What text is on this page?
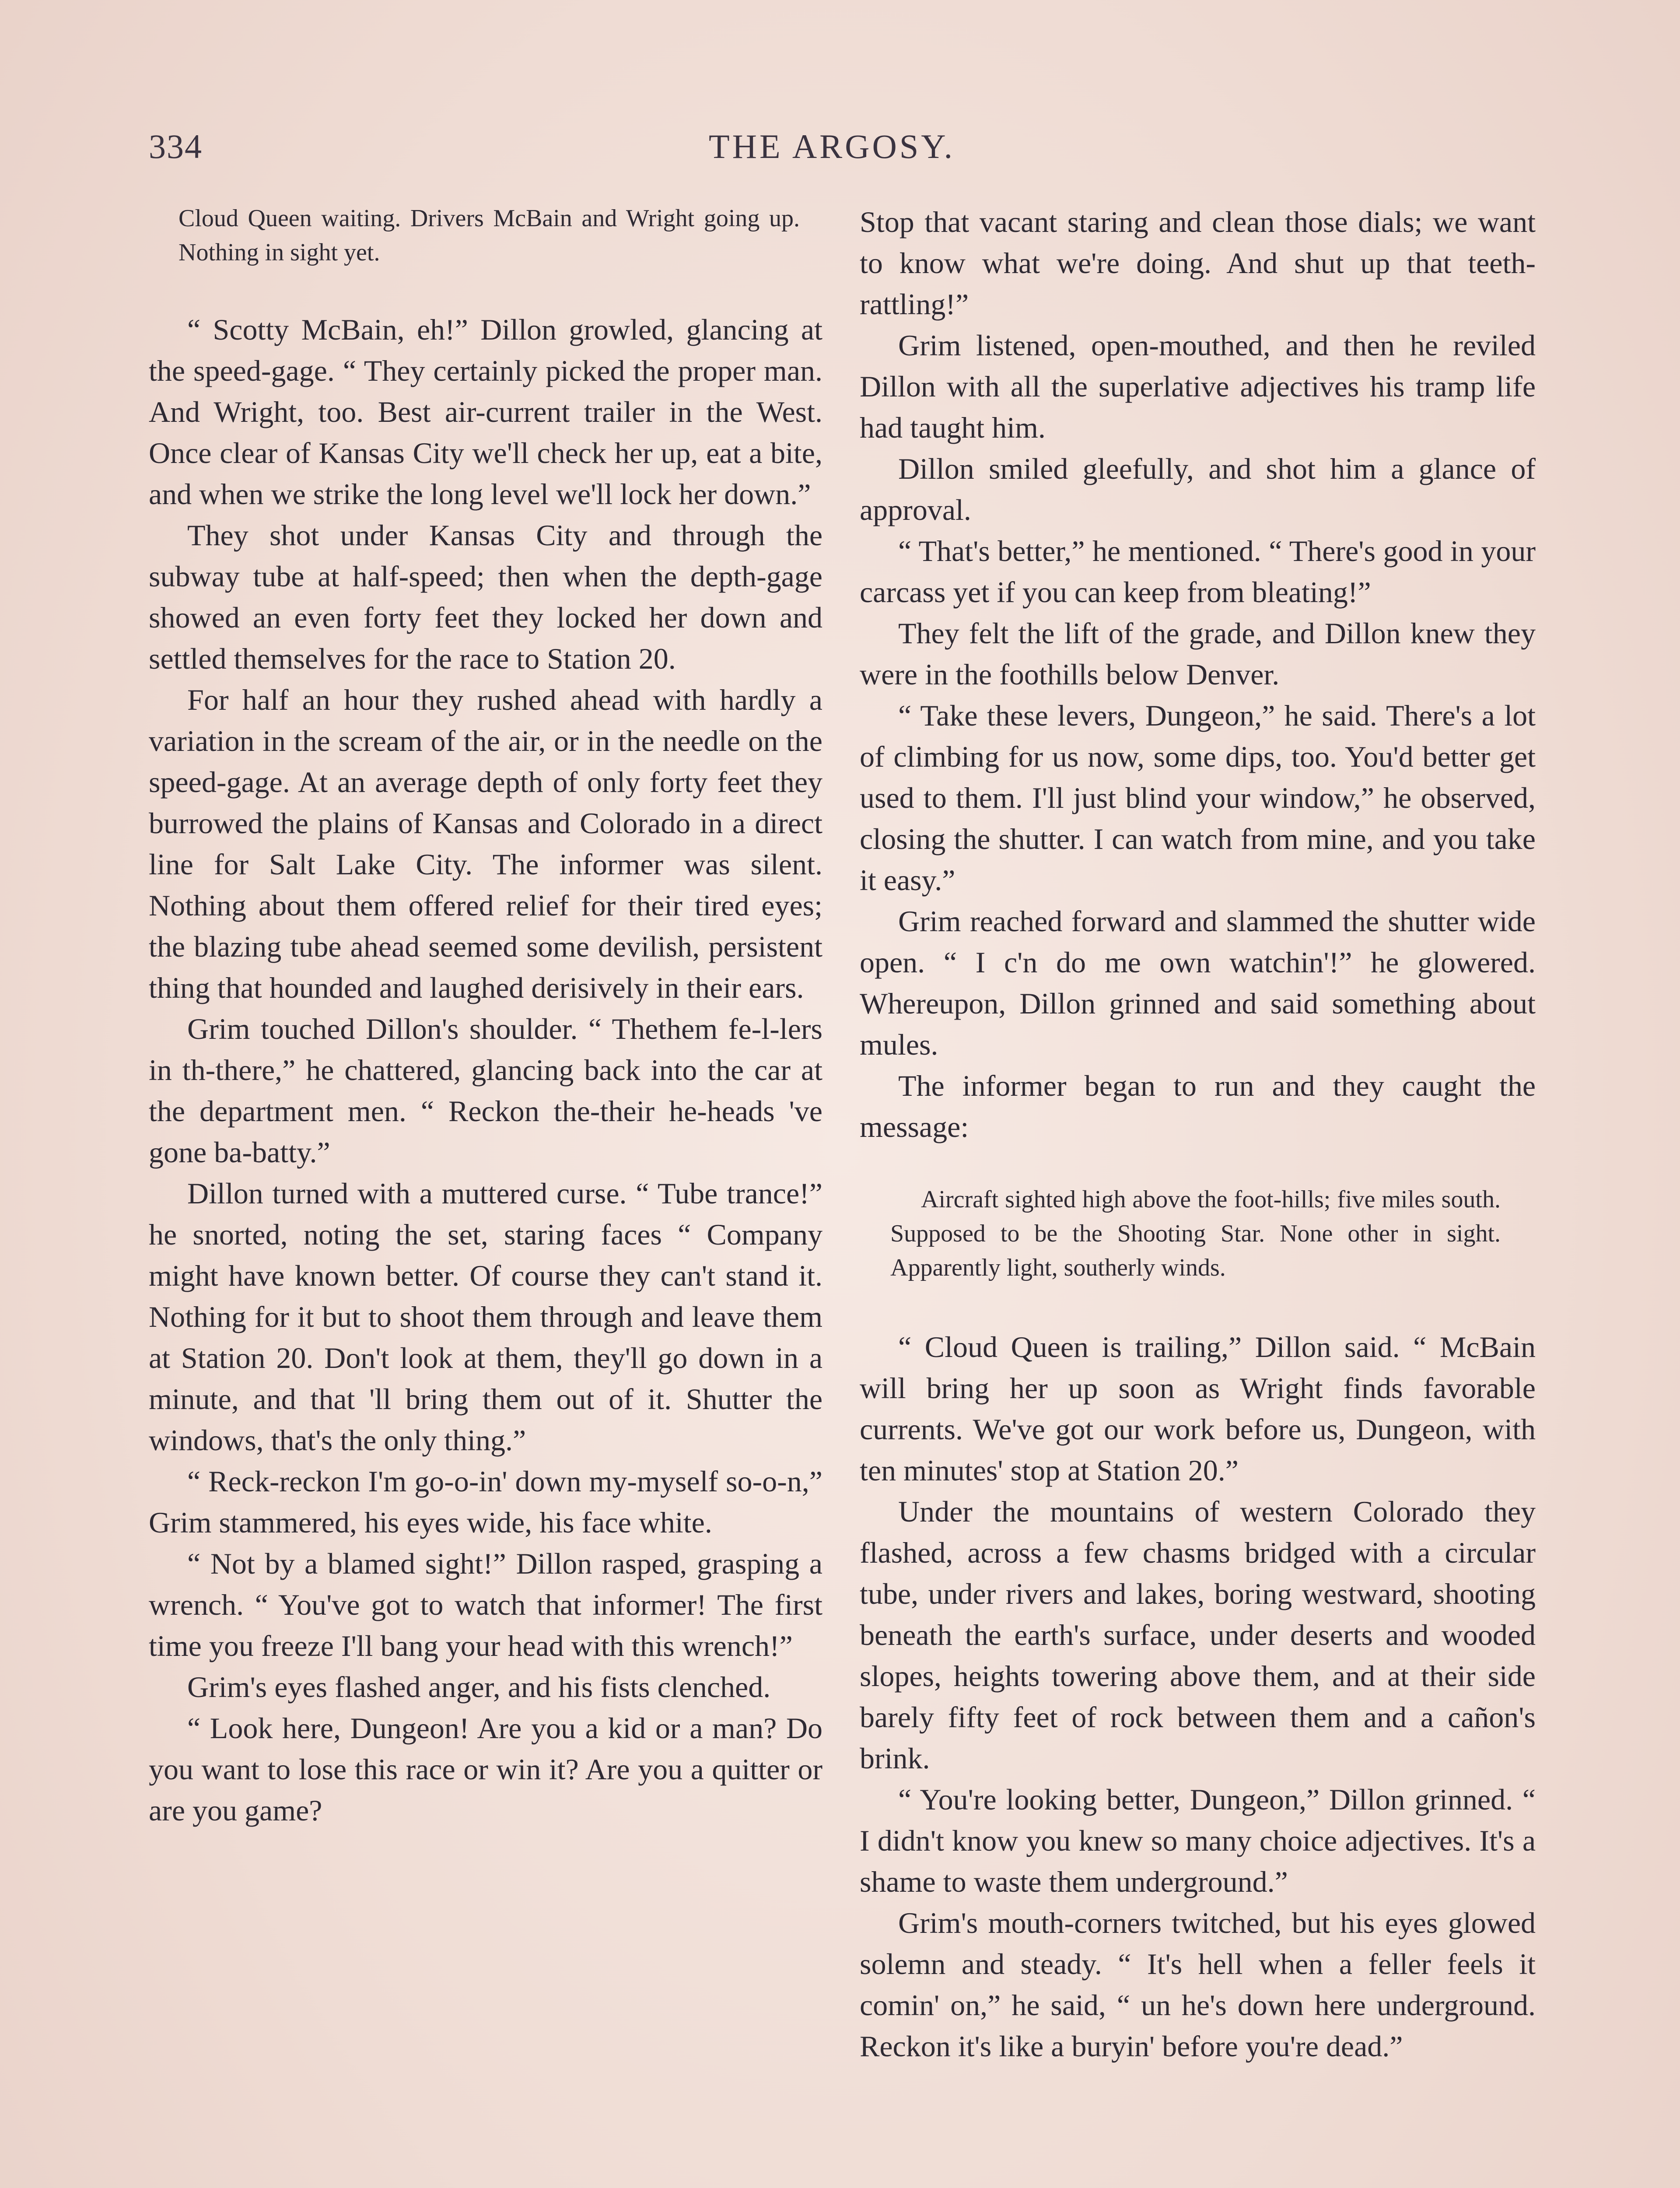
334	THE ARGOSY.

Cloud Queen waiting. Drivers McBain and Wright going up. Nothing in sight yet.

“ Scotty McBain, eh!” Dillon growled, glancing at the speed-gage. “ They certainly picked the proper man. And Wright, too. Best air-current trailer in the West. Once clear of Kansas City we'll check her up, eat a bite, and when we strike the long level we'll lock her down.”

They shot under Kansas City and through the subway tube at half-speed; then when the depth-gage showed an even forty feet they locked her down and settled themselves for the race to Station 20.

For half an hour they rushed ahead with hardly a variation in the scream of the air, or in the needle on the speed-gage. At an average depth of only forty feet they burrowed the plains of Kansas and Colorado in a direct line for Salt Lake City. The informer was silent. Nothing about them offered relief for their tired eyes; the blazing tube ahead seemed some devilish, persistent thing that hounded and laughed derisively in their ears.

Grim touched Dillon's shoulder. “ Thethem fe-l-lers in th-there,” he chattered, glancing back into the car at the department men. “ Reckon the-their he-heads 've gone ba-batty.”

Dillon turned with a muttered curse. “ Tube trance!” he snorted, noting the set, staring faces “ Company might have known better. Of course they can't stand it. Nothing for it but to shoot them through and leave them at Station 20. Don't look at them, they'll go down in a minute, and that 'll bring them out of it. Shutter the windows, that's the only thing.”

“ Reck-reckon I'm go-o-in' down my-myself so-o-n,” Grim stammered, his eyes wide, his face white.

“ Not by a blamed sight!” Dillon rasped, grasping a wrench. “ You've got to watch that informer! The first time you freeze I'll bang your head with this wrench!”

Grim's eyes flashed anger, and his fists clenched.

“ Look here, Dungeon! Are you a kid or a man? Do you want to lose this race or win it? Are you a quitter or are you game?

Stop that vacant staring and clean those dials; we want to know what we're doing. And shut up that teeth-rattling!”

Grim listened, open-mouthed, and then he reviled Dillon with all the superlative adjectives his tramp life had taught him.

Dillon smiled gleefully, and shot him a glance of approval.

“ That's better,” he mentioned. “ There's good in your carcass yet if you can keep from bleating!”

They felt the lift of the grade, and Dillon knew they were in the foothills below Denver.

“ Take these levers, Dungeon,” he said. There's a lot of climbing for us now, some dips, too. You'd better get used to them. I'll just blind your window,” he observed, closing the shutter. I can watch from mine, and you take it easy.”

Grim reached forward and slammed the shutter wide open. “ I c'n do me own watchin'!” he glowered. Whereupon, Dillon grinned and said something about mules.

The informer began to run and they caught the message:

Aircraft sighted high above the foot-hills; five miles south. Supposed to be the Shooting Star. None other in sight. Apparently light, southerly winds.

“ Cloud Queen is trailing,” Dillon said. “ McBain will bring her up soon as Wright finds favorable currents. We've got our work before us, Dungeon, with ten minutes' stop at Station 20.”

Under the mountains of western Colorado they flashed, across a few chasms bridged with a circular tube, under rivers and lakes, boring westward, shooting beneath the earth's surface, under deserts and wooded slopes, heights towering above them, and at their side barely fifty feet of rock between them and a cañon's brink.

“ You're looking better, Dungeon,” Dillon grinned. “ I didn't know you knew so many choice adjectives. It's a shame to waste them underground.”

Grim's mouth-corners twitched, but his eyes glowed solemn and steady. “ It's hell when a feller feels it comin' on,” he said, “ un he's down here underground. Reckon it's like a buryin' before you're dead.”
